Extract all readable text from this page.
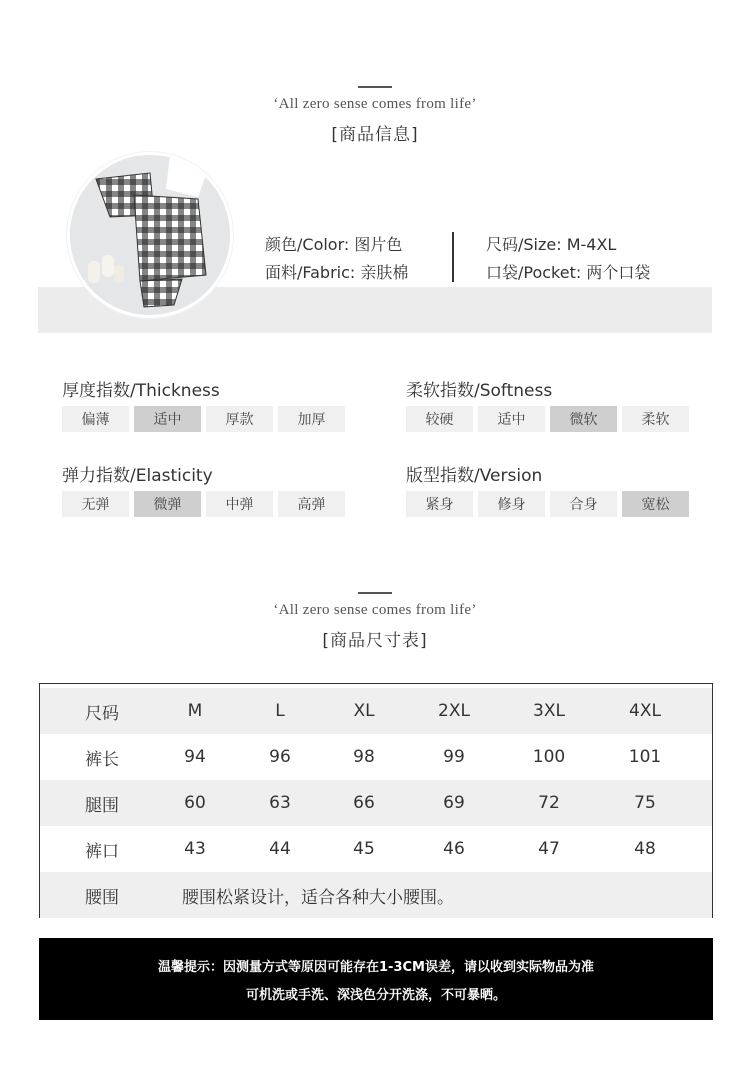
‘All zero sense comes from life’
[商品信息]
颜色/Color: 图片色
面料/Fabric: 亲肤棉
尺码/Size: M-4XL
口袋/Pocket: 两个口袋
厚度指数/Thickness
偏薄	适中	厚款	加厚
柔软指数/Softness
较硬	适中	微软	柔软
弹力指数/Elasticity
无弹	微弹	中弹	高弹
版型指数/Version
紧身	修身	合身	宽松
‘All zero sense comes from life’
[商品尺寸表]
尺码	M	L	XL	2XL	3XL	4XL
裤长	94	96	98	99	100	101
腿围	60	63	66	69	72	75
裤口	43	44	45	46	47	48
腰围	腰围松紧设计，适合各种大小腰围。
温馨提示：因测量方式等原因可能存在1-3CM误差，请以收到实际物品为准
可机洗或手洗、深浅色分开洗涤，不可暴晒。
